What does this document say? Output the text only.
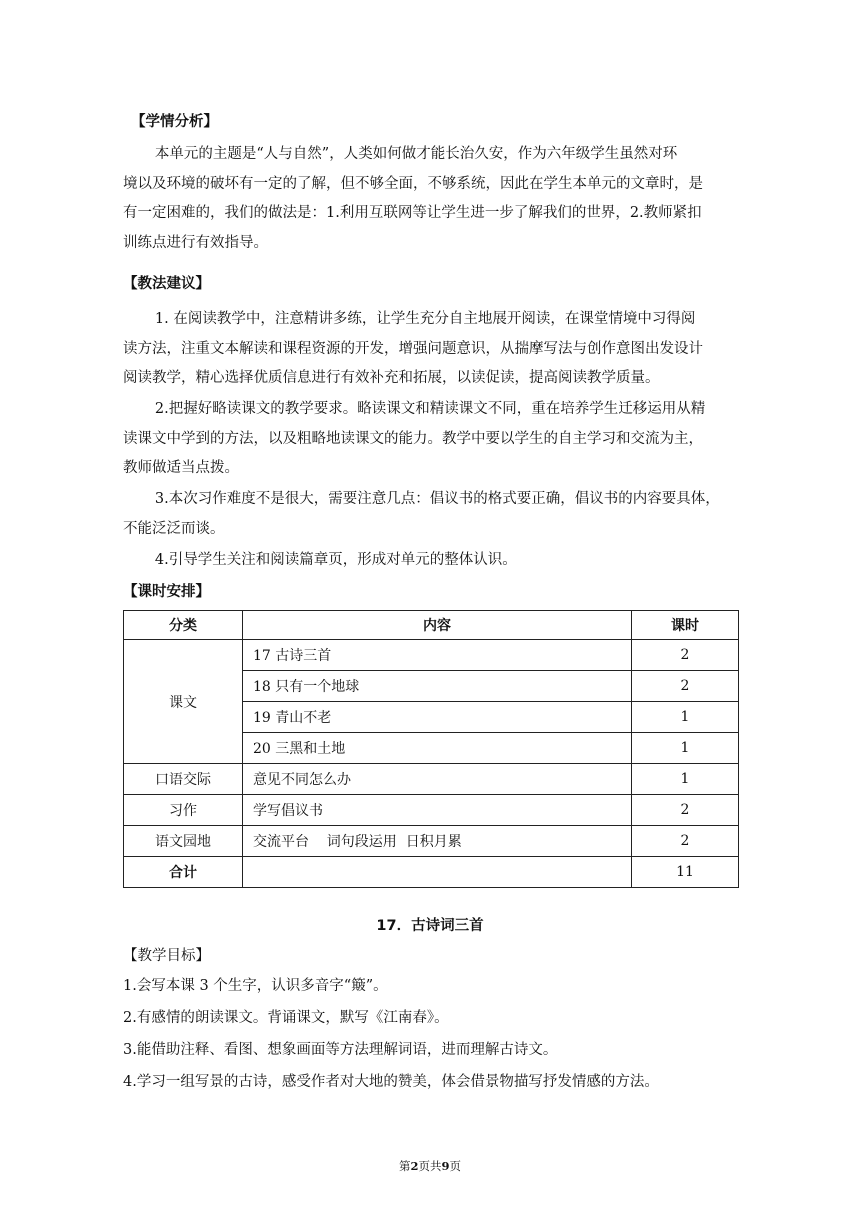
【学情分析】
本单元的主题是“人与自然”，人类如何做才能长治久安，作为六年级学生虽然对环
境以及环境的破坏有一定的了解，但不够全面，不够系统，因此在学生本单元的文章时，是
有一定困难的，我们的做法是：1.利用互联网等让学生进一步了解我们的世界，2.教师紧扣
训练点进行有效指导。
【教法建议】
1. 在阅读教学中，注意精讲多练，让学生充分自主地展开阅读，在课堂情境中习得阅
读方法，注重文本解读和课程资源的开发，增强问题意识，从揣摩写法与创作意图出发设计
阅读教学，精心选择优质信息进行有效补充和拓展，以读促读，提高阅读教学质量。
2.把握好略读课文的教学要求。略读课文和精读课文不同，重在培养学生迁移运用从精
读课文中学到的方法，以及粗略地读课文的能力。教学中要以学生的自主学习和交流为主，
教师做适当点拨。
3.本次习作难度不是很大，需要注意几点：倡议书的格式要正确，倡议书的内容要具体，
不能泛泛而谈。
4.引导学生关注和阅读篇章页，形成对单元的整体认识。
【课时安排】
分类	内容	课时
课文	17 古诗三首	2
	18 只有一个地球	2
	19 青山不老	1
	20 三黑和土地	1
口语交际	意见不同怎么办	1
习作	学写倡议书	2
语文园地	交流平台    词句段运用  日积月累	2
合计		11
17．古诗词三首
【教学目标】
1.会写本课 3 个生字，认识多音字“簸”。
2.有感情的朗读课文。背诵课文，默写《江南春》。
3.能借助注释、看图、想象画面等方法理解词语，进而理解古诗文。
4.学习一组写景的古诗，感受作者对大地的赞美，体会借景物描写抒发情感的方法。
第2页共9页
